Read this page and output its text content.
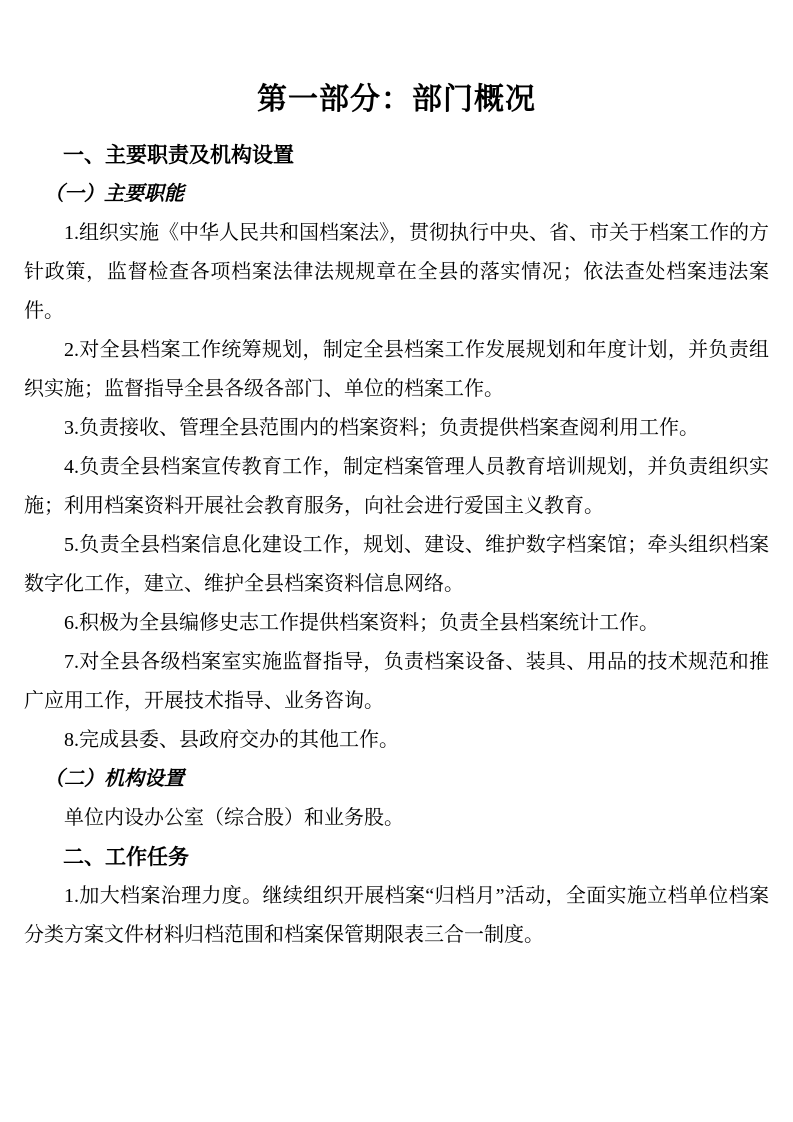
第一部分：部门概况
一、主要职责及机构设置
（一）主要职能

1.组织实施《中华人民共和国档案法》，贯彻执行中央、省、市关于档案工作的方针政策，监督检查各项档案法律法规规章在全县的落实情况；依法查处档案违法案件。

2.对全县档案工作统筹规划，制定全县档案工作发展规划和年度计划，并负责组织实施；监督指导全县各级各部门、单位的档案工作。

3.负责接收、管理全县范围内的档案资料；负责提供档案查阅利用工作。

4.负责全县档案宣传教育工作，制定档案管理人员教育培训规划，并负责组织实施；利用档案资料开展社会教育服务，向社会进行爱国主义教育。

5.负责全县档案信息化建设工作，规划、建设、维护数字档案馆；牵头组织档案数字化工作，建立、维护全县档案资料信息网络。

6.积极为全县编修史志工作提供档案资料；负责全县档案统计工作。

7.对全县各级档案室实施监督指导，负责档案设备、装具、用品的技术规范和推广应用工作，开展技术指导、业务咨询。

8.完成县委、县政府交办的其他工作。

（二）机构设置

单位内设办公室（综合股）和业务股。

二、工作任务

1.加大档案治理力度。继续组织开展档案“归档月”活动，全面实施立档单位档案分类方案文件材料归档范围和档案保管期限表三合一制度。
